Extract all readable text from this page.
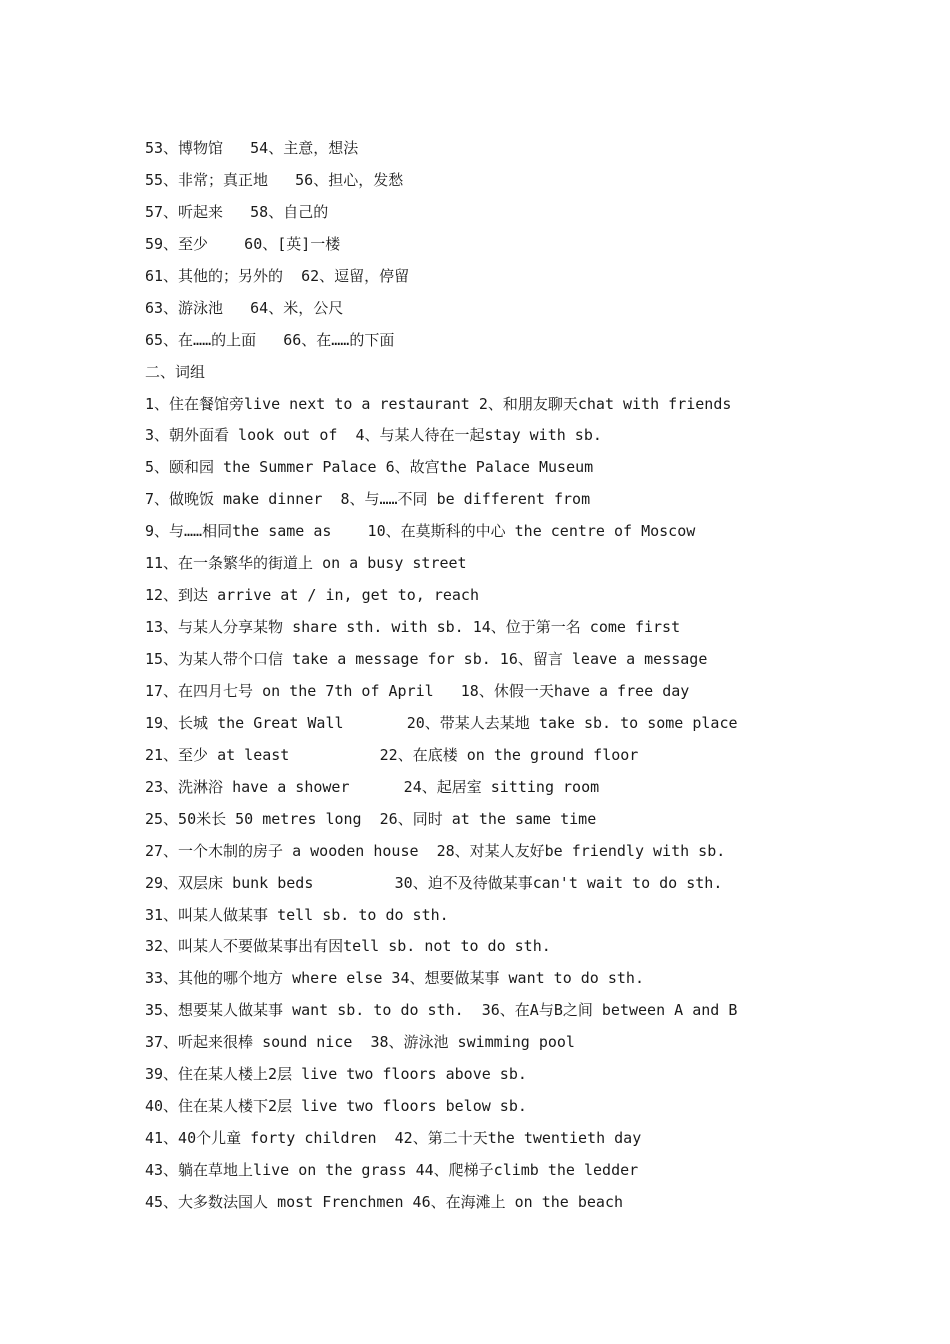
53、博物馆   54、主意，想法
55、非常；真正地   56、担心，发愁
57、听起来   58、自己的
59、至少    60、[英]一楼
61、其他的；另外的  62、逗留，停留
63、游泳池   64、米，公尺
65、在……的上面   66、在……的下面
二、词组
1、住在餐馆旁live next to a restaurant 2、和朋友聊天chat with friends
3、朝外面看 look out of  4、与某人待在一起stay with sb.
5、颐和园 the Summer Palace 6、故宫the Palace Museum
7、做晚饭 make dinner  8、与……不同 be different from
9、与……相同the same as    10、在莫斯科的中心 the centre of Moscow
11、在一条繁华的街道上 on a busy street
12、到达 arrive at / in, get to, reach
13、与某人分享某物 share sth. with sb. 14、位于第一名 come first
15、为某人带个口信 take a message for sb. 16、留言 leave a message
17、在四月七号 on the 7th of April   18、休假一天have a free day
19、长城 the Great Wall       20、带某人去某地 take sb. to some place
21、至少 at least          22、在底楼 on the ground floor
23、洗淋浴 have a shower      24、起居室 sitting room
25、50米长 50 metres long  26、同时 at the same time
27、一个木制的房子 a wooden house  28、对某人友好be friendly with sb.
29、双层床 bunk beds         30、迫不及待做某事can't wait to do sth.
31、叫某人做某事 tell sb. to do sth.
32、叫某人不要做某事出有因tell sb. not to do sth.
33、其他的哪个地方 where else 34、想要做某事 want to do sth.
35、想要某人做某事 want sb. to do sth.  36、在A与B之间 between A and B
37、听起来很棒 sound nice  38、游泳池 swimming pool
39、住在某人楼上2层 live two floors above sb.
40、住在某人楼下2层 live two floors below sb.
41、40个儿童 forty children  42、第二十天the twentieth day
43、躺在草地上live on the grass 44、爬梯子climb the ledder
45、大多数法国人 most Frenchmen 46、在海滩上 on the beach
